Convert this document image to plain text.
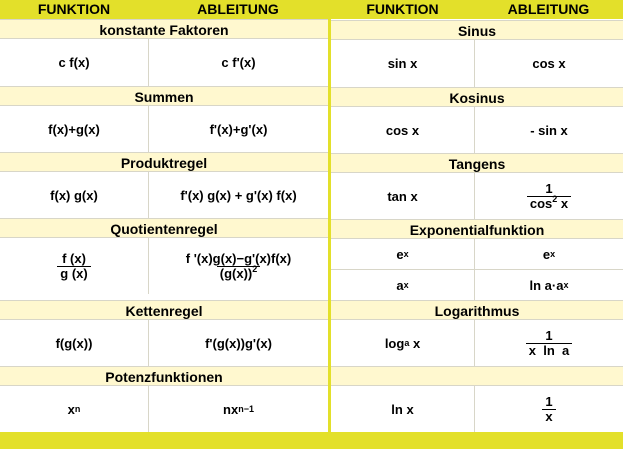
FUNKTION	ABLEITUNG
konstante Faktoren
c f(x)	c f'(x)
Summen
f(x)+g(x)	f'(x)+g'(x)
Produktregel
f(x) g(x)	f'(x) g(x) + g'(x) f(x)
Quotientenregel
$\frac{f (x)}{g (x)}$	$\frac{f '(x)g(x)-g'(x)f(x)}{(g(x))^2}$
Kettenregel
f(g(x))	f'(g(x))g'(x)
Potenzfunktionen
x n	nx n−1
FUNKTION	ABLEITUNG
Sinus
sin x	cos x
Kosinus
cos x	- sin x
Tangens
tan x	$\frac{1}{\cos^2 x}$
Exponentialfunktion
e x	e x
a x	ln a·a x
Logarithmus
log a x	$\frac{1}{\text{x  ln  a}}$
ln x	$\frac{1}{x}$
